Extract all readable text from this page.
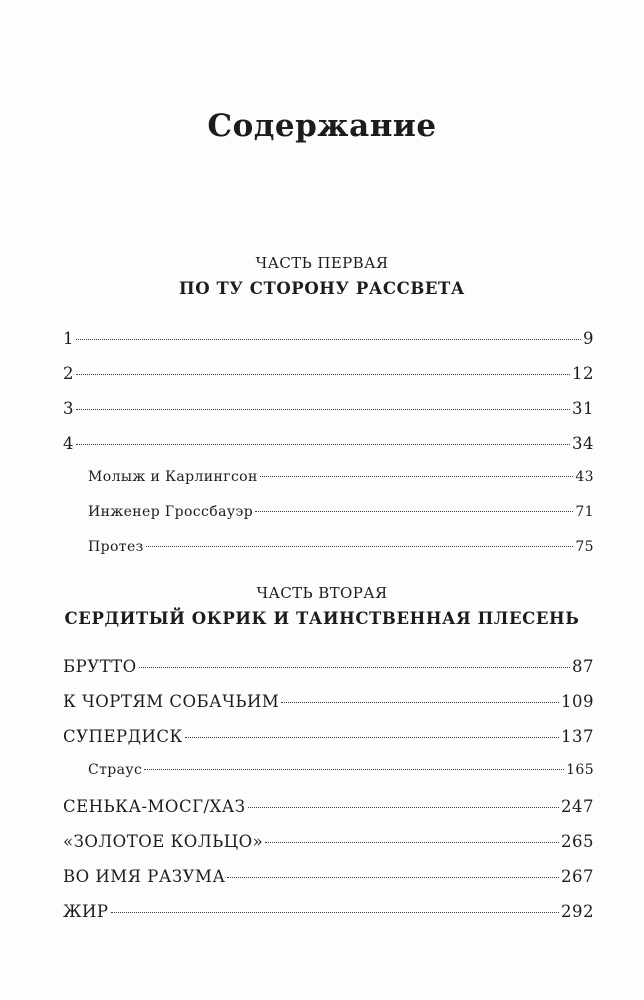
Содержание
ЧАСТЬ ПЕРВАЯ
ПО ТУ СТОРОНУ РАССВЕТА
1	9
2	12
3	31
4	34
Молыж и Карлингсон	43
Инженер Гроссбауэр	71
Протез	75
ЧАСТЬ ВТОРАЯ
СЕРДИТЫЙ ОКРИК И ТАИНСТВЕННАЯ ПЛЕСЕНЬ
БРУТТО	87
К ЧОРТЯМ СОБАЧЬИМ	109
СУПЕРДИСК	137
Страус	165
СЕНЬКА-МОСГ/ХАЗ	247
«ЗОЛОТОЕ КОЛЬЦО»	265
ВО ИМЯ РАЗУМА	267
ЖИР	292
